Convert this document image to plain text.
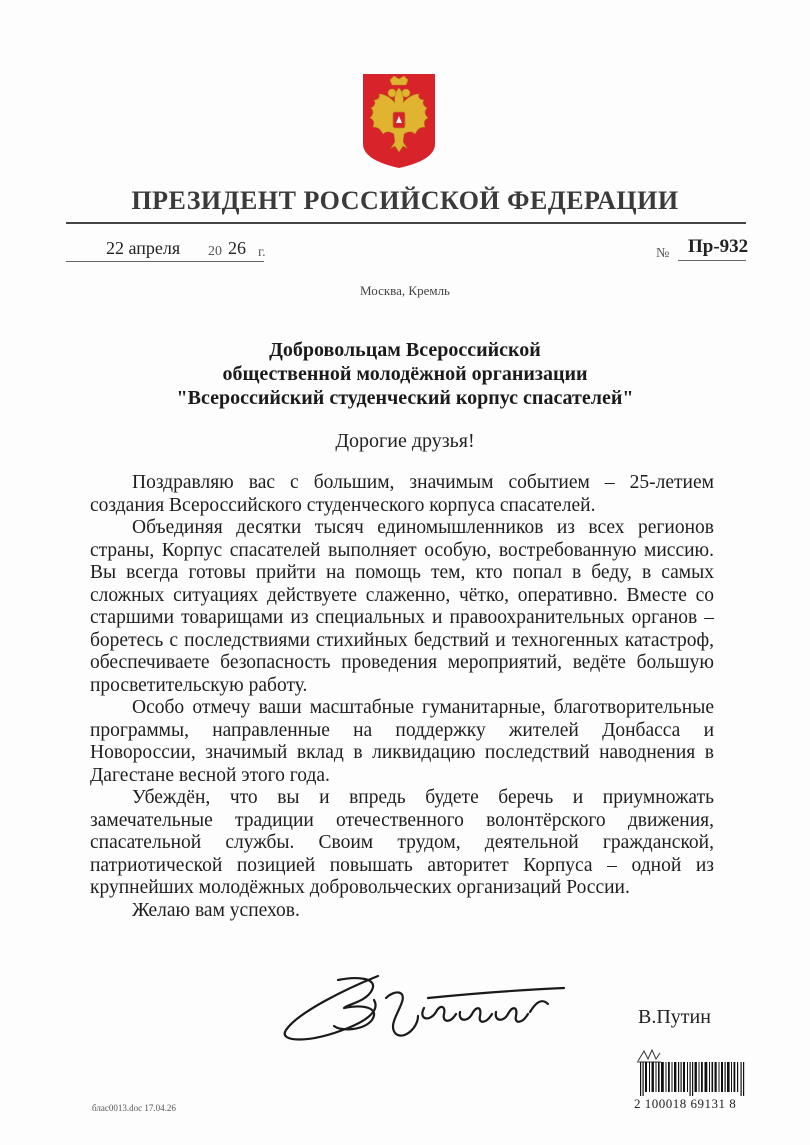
ПРЕЗИДЕНТ РОССИЙСКОЙ ФЕДЕРАЦИИ
22 апреля 20 26 г.	№ Пр-932
Москва, Кремль
Добровольцам Всероссийской
общественной молодёжной организации
"Всероссийский студенческий корпус спасателей"
Дорогие друзья!

Поздравляю вас с большим, значимым событием – 25-летием создания Всероссийского студенческого корпуса спасателей.

Объединяя десятки тысяч единомышленников из всех регионов страны, Корпус спасателей выполняет особую, востребованную миссию. Вы всегда готовы прийти на помощь тем, кто попал в беду, в самых сложных ситуациях действуете слаженно, чётко, оперативно. Вместе со старшими товарищами из специальных и правоохранительных органов – боретесь с последствиями стихийных бедствий и техногенных катастроф, обеспечиваете безопасность проведения мероприятий, ведёте большую просветительскую работу.

Особо отмечу ваши масштабные гуманитарные, благотворительные программы, направленные на поддержку жителей Донбасса и Новороссии, значимый вклад в ликвидацию последствий наводнения в Дагестане весной этого года.

Убеждён, что вы и впредь будете беречь и приумножать замечательные традиции отечественного волонтёрского движения, спасательной службы. Своим трудом, деятельной гражданской, патриотической позицией повышать авторитет Корпуса – одной из крупнейших молодёжных добровольческих организаций России.

Желаю вам успехов.

В.Путин
2 100018 69131 8
блас0013.doc 17.04.26
